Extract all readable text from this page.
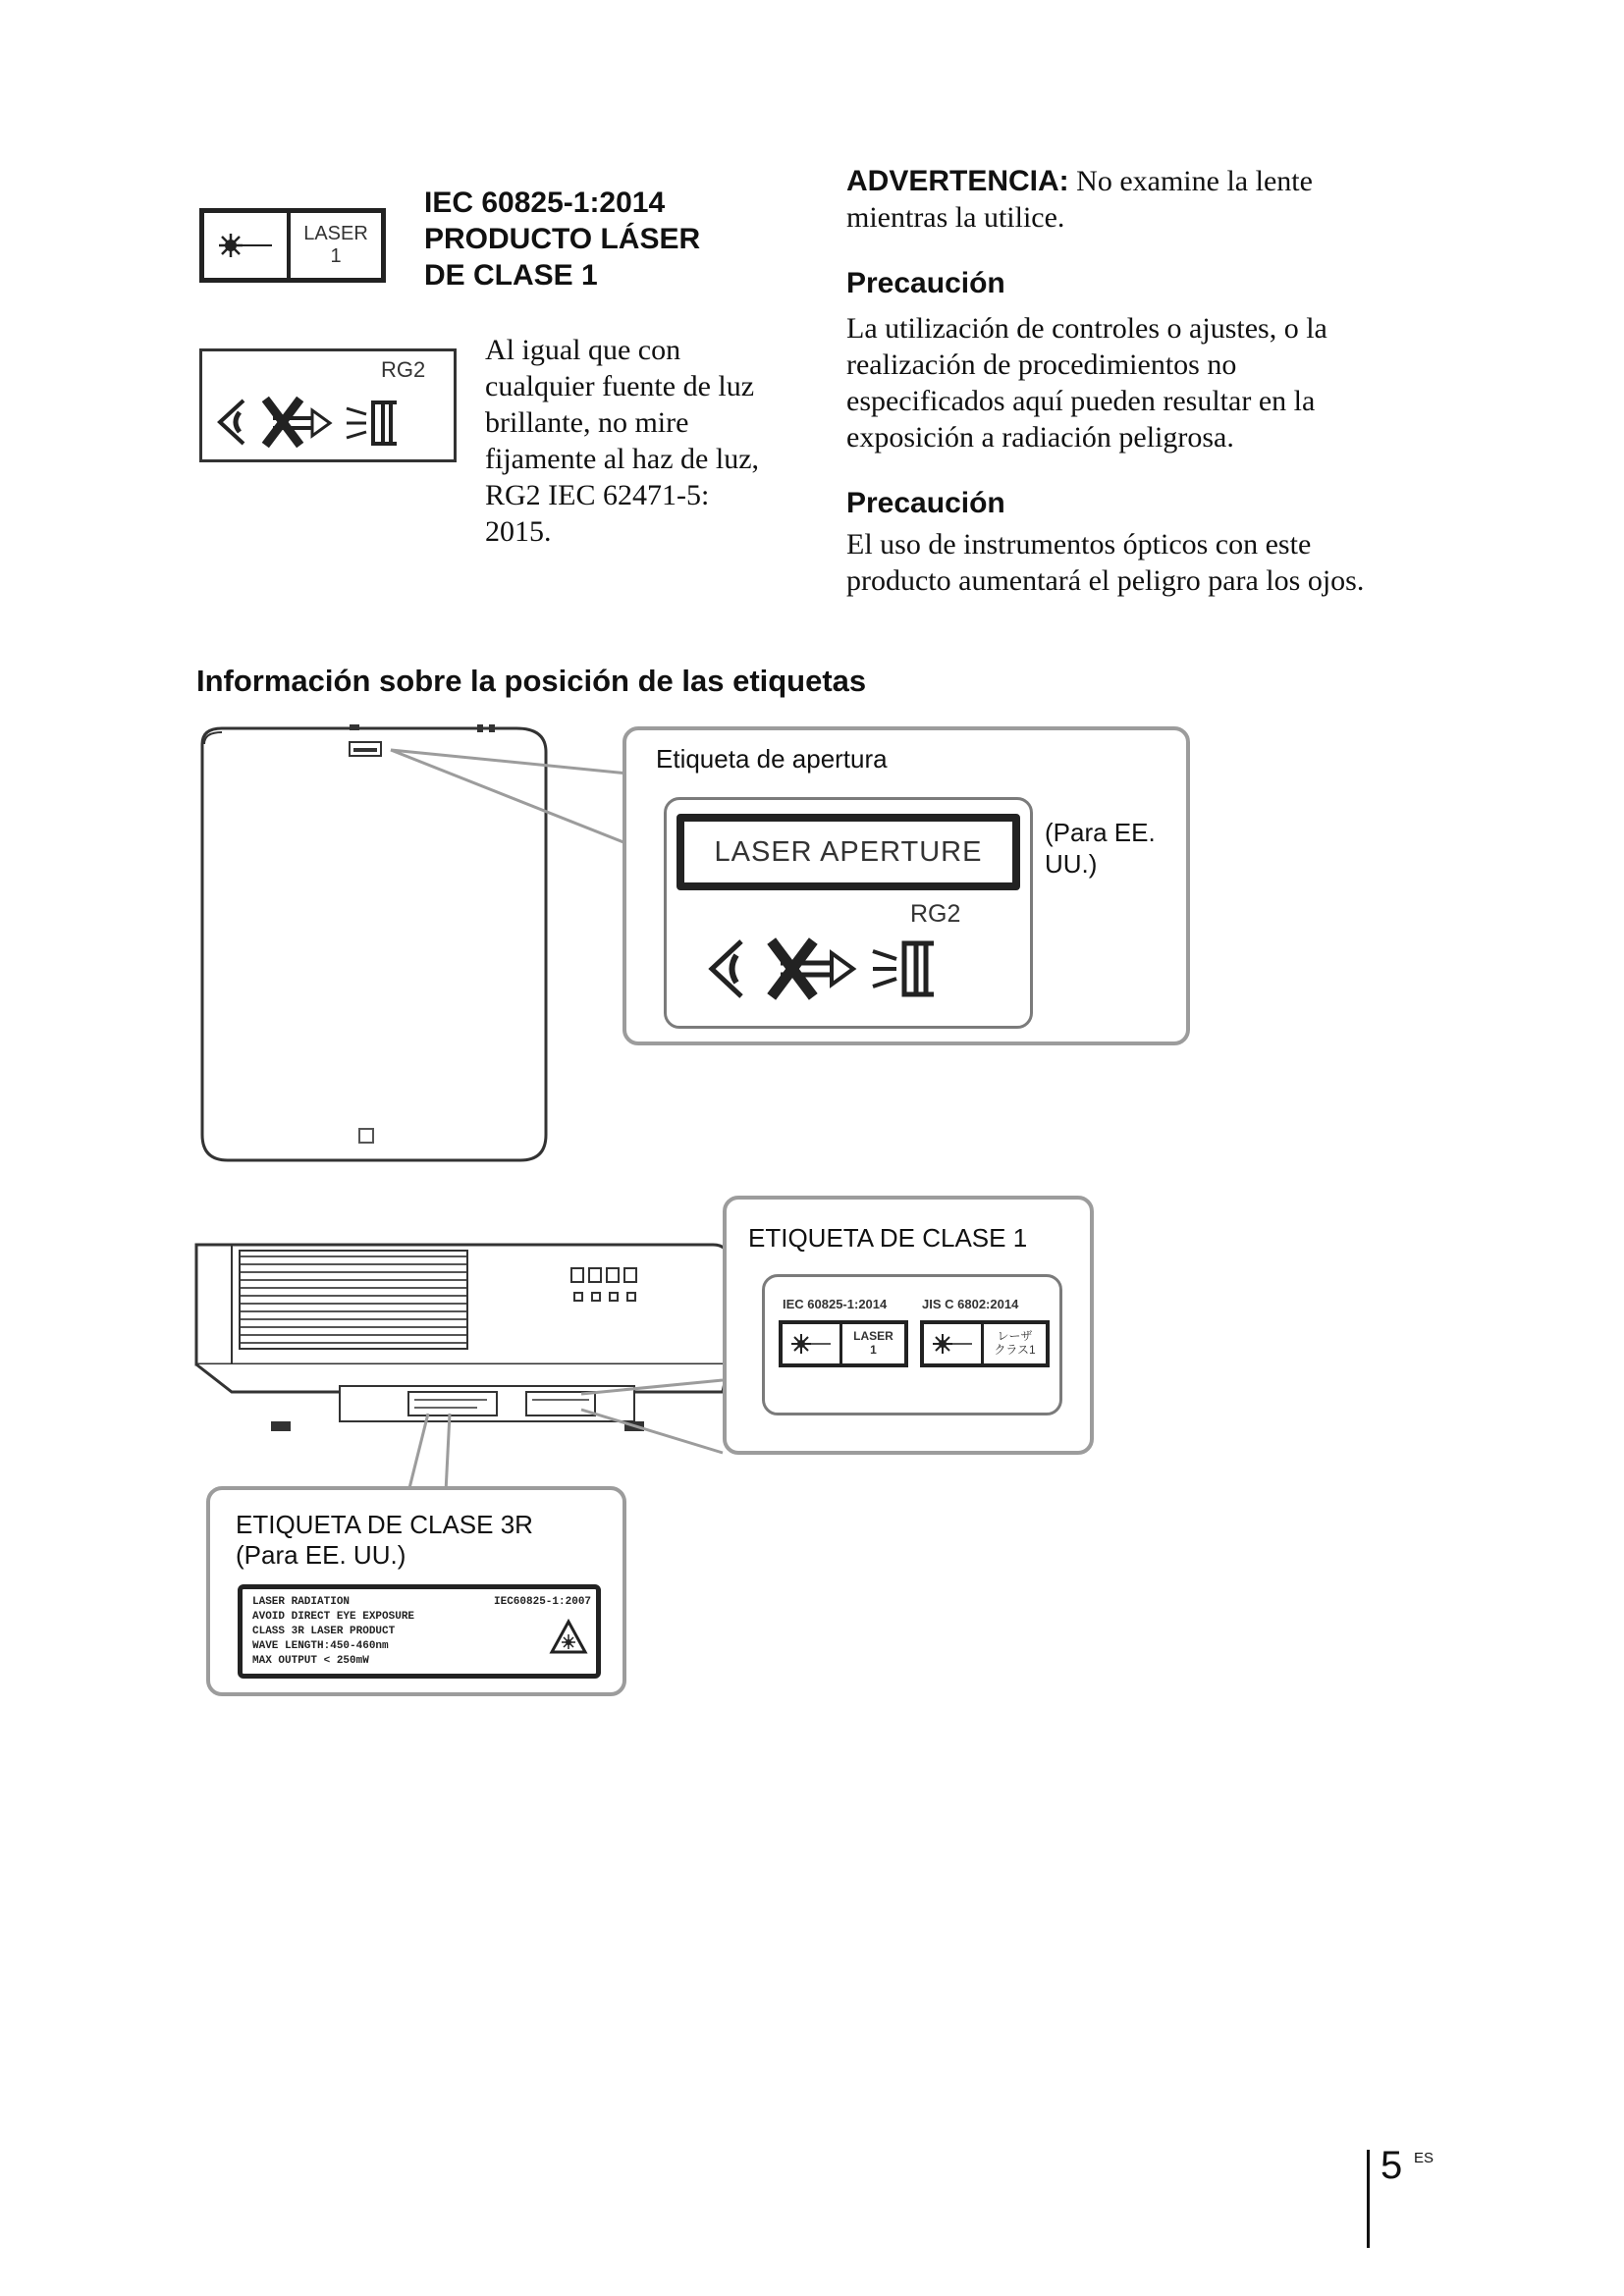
LASER
1
IEC 60825-1:2014
PRODUCTO LÁSER
DE CLASE 1
RG2
Al igual que con
cualquier fuente de luz
brillante, no mire
fijamente al haz de luz,
RG2 IEC 62471-5:
2015.
ADVERTENCIA: No examine la lente
mientras la utilice.
Precaución
La utilización de controles o ajustes, o la
realización de procedimientos no
especificados aquí pueden resultar en la
exposición a radiación peligrosa.
Precaución
El uso de instrumentos ópticos con este
producto aumentará el peligro para los ojos.
Información sobre la posición de las etiquetas
Etiqueta de apertura
LASER APERTURE
RG2
(Para EE.
UU.)
ETIQUETA DE CLASE 1
IEC 60825-1:2014	JIS C 6802:2014
LASER
1
レーザ
クラス1
ETIQUETA DE CLASE 3R
(Para EE. UU.)
LASER RADIATION
AVOID DIRECT EYE EXPOSURE
CLASS 3R LASER PRODUCT
WAVE LENGTH:450-460nm
MAX OUTPUT < 250mW
IEC60825-1:2007
5 ES
